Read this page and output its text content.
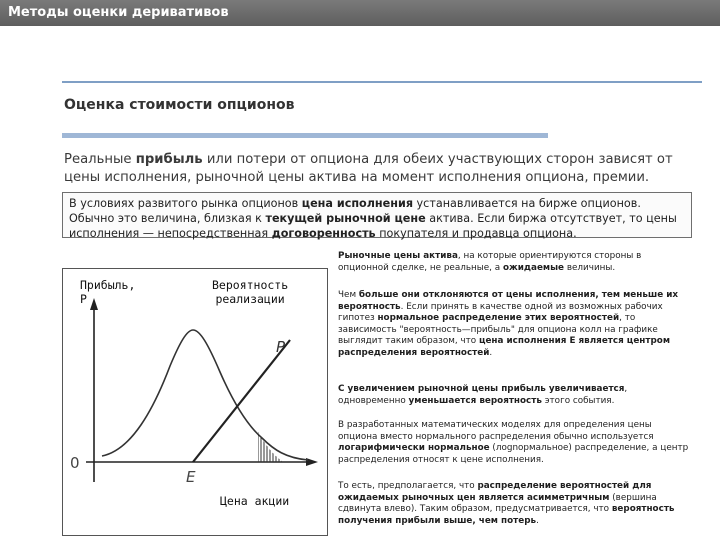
Методы оценки деривативов
Оценка стоимости опционов
Реальные прибыль или потери от опциона для обеих участвующих сторон зависят от цены исполнения, рыночной цены актива на момент исполнения опциона, премии.
В условиях развитого рынка опционов цена исполнения устанавливается на бирже опционов. Обычно это величина, близкая к текущей рыночной цене актива. Если биржа отсутствует, то цены исполнения — непосредственная договоренность покупателя и продавца опциона.
Рыночные цены актива, на которые ориентируются стороны в опционной сделке, не реальные, а ожидаемые величины.
Чем больше они отклоняются от цены исполнения, тем меньше их вероятность. Если принять в качестве одной из возможных рабочих гипотез нормальное распределение этих вероятностей, то зависимость "вероятность—прибыль" для опциона колл на графике выглядит таким образом, что цена исполнения Е является центром распределения вероятностей.
С увеличением рыночной цены прибыль увеличивается, одновременно уменьшается вероятность этого события.
В разработанных математических моделях для определения цены опциона вместо нормального распределения обычно используется логарифмически нормальное (лognормальное) распределение, а центр распределения относят к цене исполнения.
То есть, предполагается, что распределение вероятностей для ожидаемых рыночных цен является асимметричным (вершина сдвинута влево). Таким образом, предусматривается, что вероятность получения прибыли выше, чем потерь.
P
0
E
Прибыль,
P
Вероятность
реализации
Цена акции
